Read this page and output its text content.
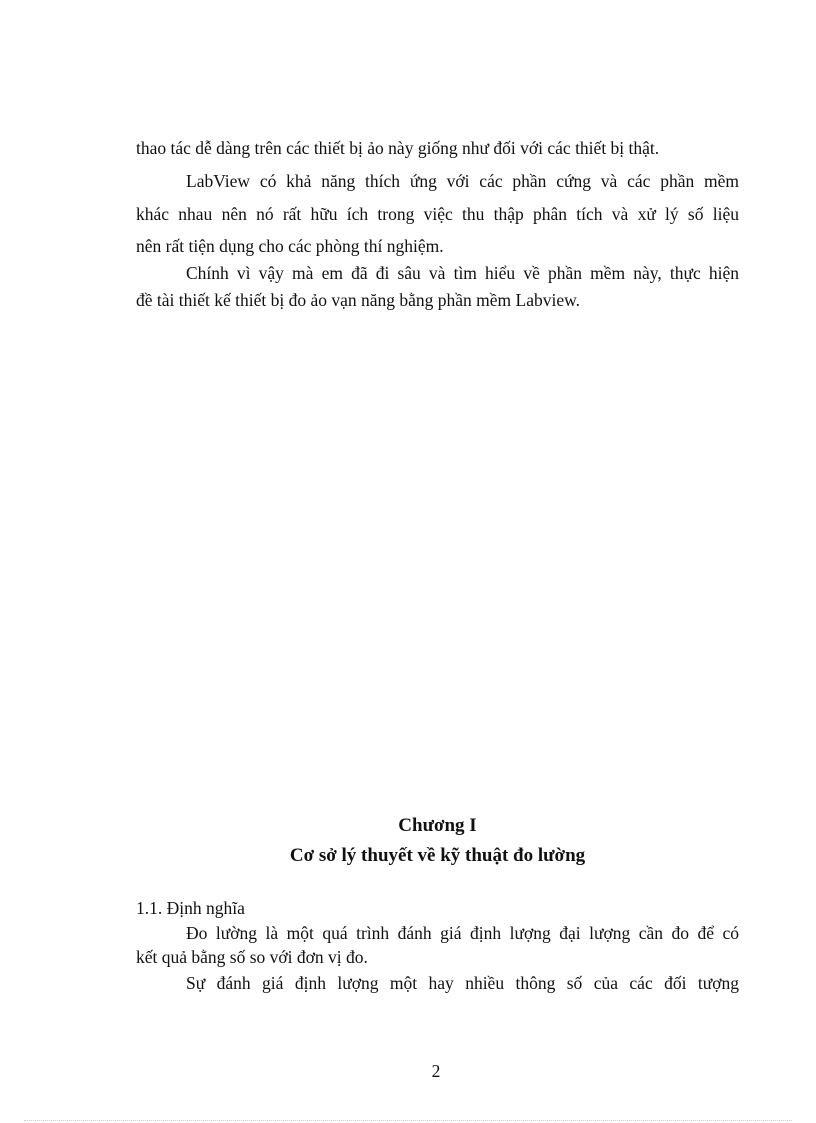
thao tác dễ dàng trên các thiết bị ảo này giống như đối với các thiết bị thật.
LabView có khả năng thích ứng với các phần cứng và các phần mềm
khác nhau nên nó rất hữu ích trong việc thu thập phân tích và xử lý số liệu
nên rất tiện dụng cho các phòng thí nghiệm.
Chính vì vậy mà em đã đi sâu và tìm hiểu về phần mềm này, thực hiện
đề tài thiết kế thiết bị đo ảo vạn năng bằng phần mềm Labview.
Chương I
Cơ sở lý thuyết về kỹ thuật đo lường
1.1. Định nghĩa
Đo lường là một quá trình đánh giá định lượng đại lượng cần đo để có
kết quả bằng số so với đơn vị đo.
Sự đánh giá định lượng một hay nhiều thông số của các đối tượng
2
